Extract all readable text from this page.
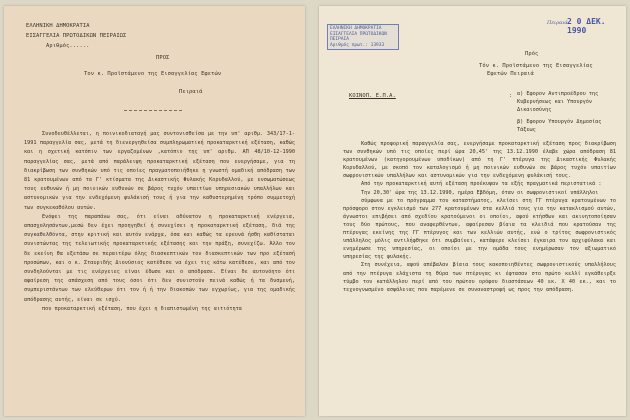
ΕΛΛΗΝΙΚΗ ΔΗΜΟΚΡΑΤΙΑ
ΕΙΣΑΓΓΕΛΙΑ ΠΡΩΤΟΔΙΚΩΝ ΠΕΙΡΑΙΩΣ
Αριθμός......
ΠΡΟΣ
Τον κ. Προϊστάμενο της Εισαγγελίας Εφετών
Πειραιά

Συνοδευθέλλεται, η ποινικοδιαταγή μας συντονισθείσα με την υπ' αριθμ. 343/17-1-1991 παραγγελία σας, μετά τη διενεργηθείσα συμπληρωματική προκαταρκτική εξέταση, καθώς και η σχετική κατόπιν των εργαζομένων ,κατόπιν της υπ' αριθμ. ΑΠ 48/10-12-1990 παραγγελίας σας, μετά από παράλειψη προκαταρκτική εξέταση που ενεργήσαμε, για τη διακρίβωση των συνθηκών υπό τις οποίες πραγματοποιήθηκε η γνωστή ομαδική απόδραση των 81 κρατουμένων από τα Γ' κτίσματα της Δικαστικής Φυλακής Κορυδαλλού, με ενσωματώσεως τους ευθυνών ή μη ποινικών ευθυνών σε βάρος τυχόν υπαιτίων υπηρεσιακών υπαλλήλων και αστυνομικών για την ενδεχόμενη φυλάκισή τους ή για την καθυστερημένη τρόπο συμμετοχή των συγκεκαθόλου αυτών.

Ενόψει της παραπάνω σας, ότι είναι αδύνατον η προκαταρκτική ενέργεια, απασχολησάντων,μεσώ δεν έχει προηγηθεί ή συνεχίσει η προκαταρκτική εξέταση, διά της συγκαθελθόντα, στην κριτική και αυτόν ενάρχα, όσα και καθώς τα ερευνά ήσθη καθίσταται συνιστώντας της τελειωτικής προκαταρκτικής εξέτασης και την πράξη, συνεχίζω. Άλλο τον δε εκείνη θα εξετάσω σε περαιτέρω όλης διασκεπτικών τον διασκεπτικών των προ εξέτασή προσώπων, και ο κ. Σταυριδής Διονύσιος κατέθεσε να έχει τις κάτω κατέθεσε, και από τον συνδηλούνται με τις ενέργειες είναι έδωσε και ο απόδρασε. Είναι δε αυτονόητο ότι αφαίρεση της απάσχεση από τους όσοι ότι δεν συνιστούν πεινά καθώς ή τα δυσμενή, συμπεριστάντων των ελεύθερων ότι τον ή ή την διακοπών των εγχωρίως, για της ομαδικής απόδρασης αυτής, είναι σε ισχύ.

που προκαταρκτική εξέταση, που έχει η διαπιστωμένη της αιτιότητα

Πειραιά 2 0 ΔΕΚ. 1990
ΕΛΛΗΝΙΚΗ ΔΗΜΟΚΡΑΤΙΑ
ΕΙΣΑΓΓΕΛΙΑ ΠΡΩΤΟΔΙΚΩΝ ΠΕΙΡΑΙΑ
Αριθμός πρωτ.: 13933
Πρός
Τόν κ. Προϊστάμενο της Εισαγγελίας
Εφετών Πειραιά
ΚΟΙΝΟΠ. Ε.Π.Α.	: α) Εφορον Αντιπροέδρου της Κυβερνήσεως και Υπουργόν Δικαιοσύνης
β) Εφορον Υπουργόν Δημοσίας Τάξεως

Καθώς προφορική παραγγελία σας, ενεργήσαμε προκαταρκτική εξέταση προς διακρίβωση των συνθηκών υπό τις οποίες περί ώρα 20,45' της 13.12.1990 έλαβε χώρα απόδραση 81 κρατουμένων (κατηγορουμένων υποδίκων) από τη Γ' πτέρυγα της Δικαστικής Φυλακής Κορυδαλλού, με σκοπό τον καταλογισμό ή μη ποινικών ευθυνών σε βάρος τυχόν υπαιτίων σωφρονιστικών υπαλλήλων και αστυνομικών για την ενδεχόμενη φυλάκισή τους.

Από την προκαταρκτική αυτή εξέταση προέκυψαν τα εξής πραγματικά περιστατικά :

Την 20,30' ώρα της 13.12.1990, ημέρα Εβδόμη, όταν οι σωφρονιστικοί υπάλληλοι

σύμφωνα με το πρόγραμμα του καταστήματος, κλείσει στη ΓΓ πτέρυγα κρατουμένων το πρόσφορο στον εγκλεισμό των 277 κρατουμένων στα κελλιά τους για την κατακλισμού αυτών, άγνωστοι επιβήσει από σχεδίου κρατούμενοι οι οποίοι, αφού κτήσθων και ακινητοποίησαν τους δύο πρώτους, που αναφερθέντων, αφαίρεσαν βίαια τα κλειδιά που κρατούσαν της πτέρυγας εκείνης της ΓΓ πτέρυγος και των κελλιών αυτής, ενώ ο τρίτος σωφρονιστικός υπάλληλος μόλις αντιλήφθηκε ότι συμβαίνει, κατάφερε κλείσει έγκαιρα τον αρχιφύλακα και ενημέρωσε της υπηρεσίας, οι οποίοι με την ομάδα τους ενημέρωσαν τον αξιωματικό υπηρεσίας της φυλακής.

Στη συνέχεια, αφού απέβαλαν βίαια τους κακοποιηθέντες σωφρονιστικούς υπαλλήλους από την πτέρυγα ελάχιστα τη θύρα των πτέρυγας κι έφτασαν στο πρώτο κελλί εγκάθειρξε τύμβο του κατάλληλου περί από του πρώτου ορόφου διαστάσεων 40 εκ. Χ 40 εκ., και το τεχνογνωσμένο ασφάλειας που παρέμενε σε συναναστροφή ως προς την απόδραση.
